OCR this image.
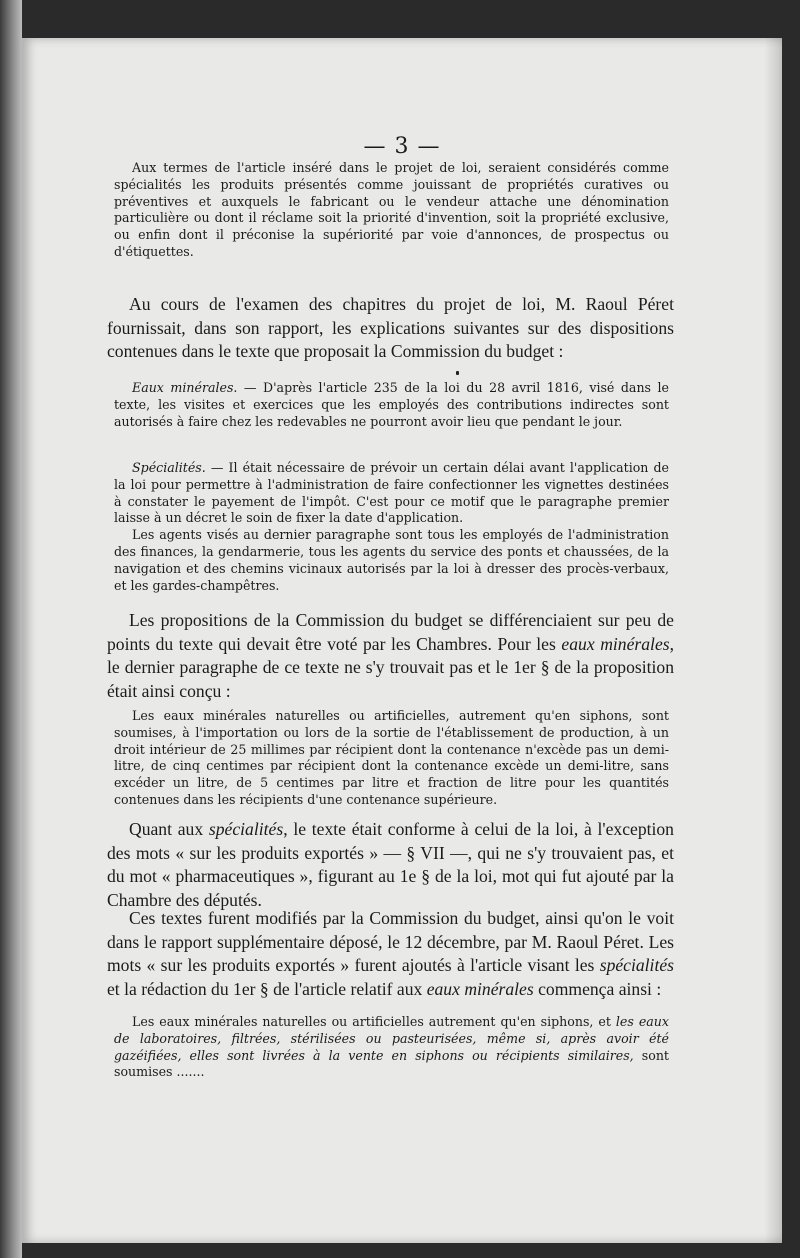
— 3 —

Aux termes de l'article inséré dans le projet de loi, seraient considérés comme spécialités les produits présentés comme jouissant de propriétés curatives ou préventives et auxquels le fabricant ou le vendeur attache une dénomination particulière ou dont il réclame soit la priorité d'invention, soit la propriété exclusive, ou enfin dont il préconise la supériorité par voie d'annonces, de prospectus ou d'étiquettes.

Au cours de l'examen des chapitres du projet de loi, M. Raoul Péret fournissait, dans son rapport, les explications suivantes sur des dispositions contenues dans le texte que proposait la Commission du budget :

Eaux minérales. — D'après l'article 235 de la loi du 28 avril 1816, visé dans le texte, les visites et exercices que les employés des contributions indirectes sont autorisés à faire chez les redevables ne pourront avoir lieu que pendant le jour.

Spécialités. — Il était nécessaire de prévoir un certain délai avant l'application de la loi pour permettre à l'administration de faire confectionner les vignettes destinées à constater le payement de l'impôt. C'est pour ce motif que le paragraphe premier laisse à un décret le soin de fixer la date d'application.

Les agents visés au dernier paragraphe sont tous les employés de l'administration des finances, la gendarmerie, tous les agents du service des ponts et chaussées, de la navigation et des chemins vicinaux autorisés par la loi à dresser des procès-verbaux, et les gardes-champêtres.

Les propositions de la Commission du budget se différenciaient sur peu de points du texte qui devait être voté par les Chambres. Pour les eaux minérales, le dernier paragraphe de ce texte ne s'y trouvait pas et le 1er § de la proposition était ainsi conçu :

Les eaux minérales naturelles ou artificielles, autrement qu'en siphons, sont soumises, à l'importation ou lors de la sortie de l'établissement de production, à un droit intérieur de 25 millimes par récipient dont la contenance n'excède pas un demi-litre, de cinq centimes par récipient dont la contenance excède un demi-litre, sans excéder un litre, de 5 centimes par litre et fraction de litre pour les quantités contenues dans les récipients d'une contenance supérieure.

Quant aux spécialités, le texte était conforme à celui de la loi, à l'exception des mots « sur les produits exportés » — § VII —, qui ne s'y trouvaient pas, et du mot « pharmaceutiques », figurant au 1e § de la loi, mot qui fut ajouté par la Chambre des députés.

Ces textes furent modifiés par la Commission du budget, ainsi qu'on le voit dans le rapport supplémentaire déposé, le 12 décembre, par M. Raoul Péret. Les mots « sur les produits exportés » furent ajoutés à l'article visant les spécialités et la rédaction du 1er § de l'article relatif aux eaux minérales commença ainsi :

Les eaux minérales naturelles ou artificielles autrement qu'en siphons, et les eaux de laboratoires, filtrées, stérilisées ou pasteurisées, même si, après avoir été gazéifiées, elles sont livrées à la vente en siphons ou récipients similaires, sont soumises .......
